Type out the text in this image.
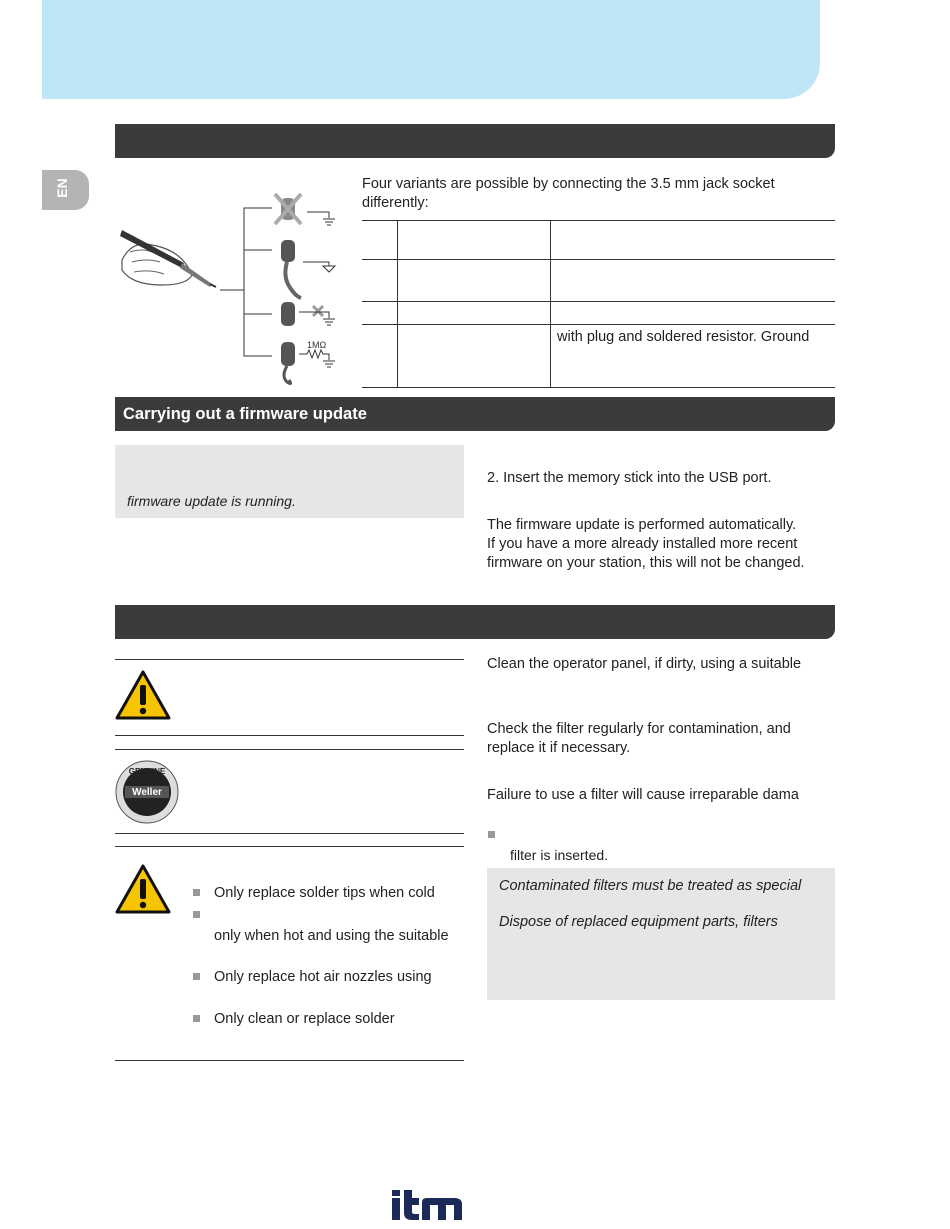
EN
1MΩ
Four variants are possible by connecting the 3.5 mm jack socket differently:

		with plug and soldered resistor. Ground
Carrying out a firmware update
firmware update is running.
2. Insert the memory stick into the USB port.
The firmware update is performed automatically.
If you have a more already installed more recent
firmware on your station, this will not be changed.
GENUINE
Weller
Only replace solder tips when cold
only when hot and using the suitable
Only replace hot air nozzles using
Only clean or replace solder
Clean the operator panel, if dirty, using a suitable
Check the filter regularly for contamination, and
replace it if necessary.
Failure to use a filter will cause irreparable dama
filter is inserted.
Contaminated filters must be treated as special
Dispose of replaced equipment parts, filters
